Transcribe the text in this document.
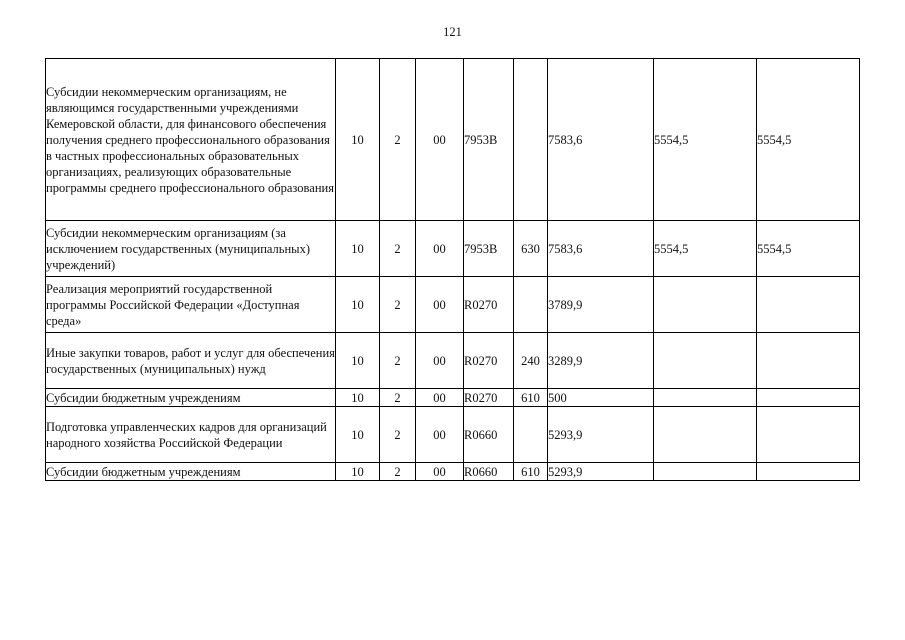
121
Субсидии некоммерческим организациям, не являющимся государственными учреждениями Кемеровской области, для финансового обеспечения получения среднего профессионального образования в частных профессиональных образовательных организациях, реализующих образовательные программы среднего профессионального образования	10	2	00	7953В		7583,6	5554,5	5554,5
Субсидии некоммерческим организациям (за исключением государственных (муниципальных) учреждений)	10	2	00	7953В	630	7583,6	5554,5	5554,5
Реализация мероприятий государственной программы Российской Федерации «Доступная среда»	10	2	00	R0270		3789,9		
Иные закупки товаров, работ и услуг для обеспечения государственных (муниципальных) нужд	10	2	00	R0270	240	3289,9		
Субсидии бюджетным учреждениям	10	2	00	R0270	610	500		
Подготовка управленческих кадров для организаций народного хозяйства Российской Федерации	10	2	00	R0660		5293,9		
Субсидии бюджетным учреждениям	10	2	00	R0660	610	5293,9		
